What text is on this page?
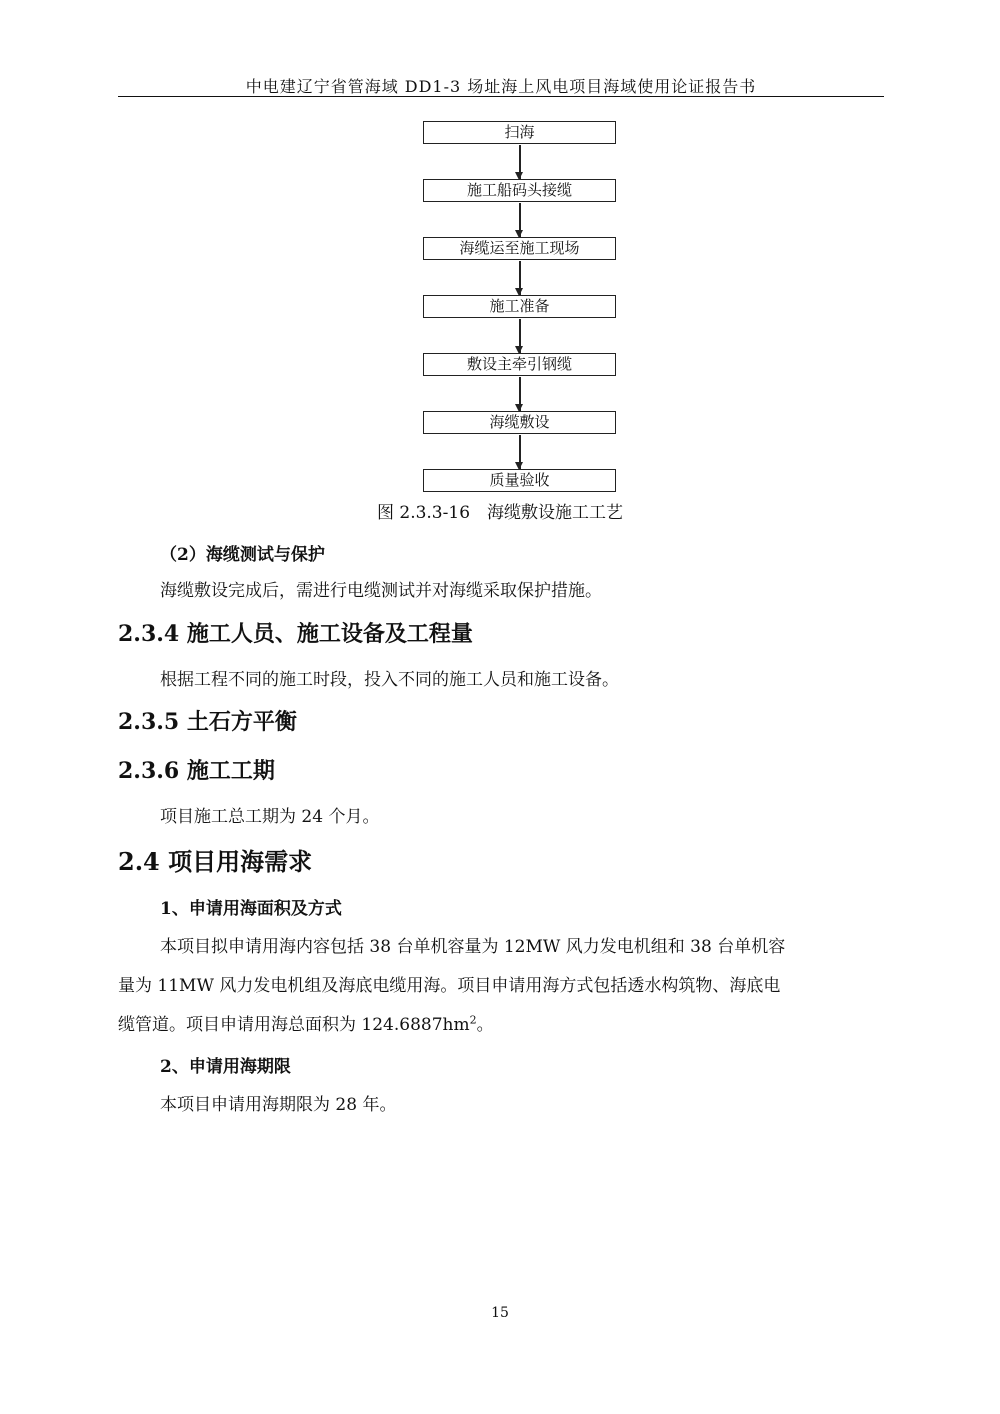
中电建辽宁省管海域 DD1-3 场址海上风电项目海域使用论证报告书
扫海
施工船码头接缆
海缆运至施工现场
施工准备
敷设主牵引钢缆
海缆敷设
质量验收
图 2.3.3-16　海缆敷设施工工艺
（2）海缆测试与保护
海缆敷设完成后，需进行电缆测试并对海缆采取保护措施。
2.3.4 施工人员、施工设备及工程量
根据工程不同的施工时段，投入不同的施工人员和施工设备。
2.3.5 土石方平衡
2.3.6 施工工期
项目施工总工期为 24 个月。
2.4 项目用海需求
1、申请用海面积及方式
本项目拟申请用海内容包括 38 台单机容量为 12MW 风力发电机组和 38 台单机容
量为 11MW 风力发电机组及海底电缆用海。项目申请用海方式包括透水构筑物、海底电
缆管道。项目申请用海总面积为 $124.6887hm^2$。
2、申请用海期限
本项目申请用海期限为 28 年。
15
